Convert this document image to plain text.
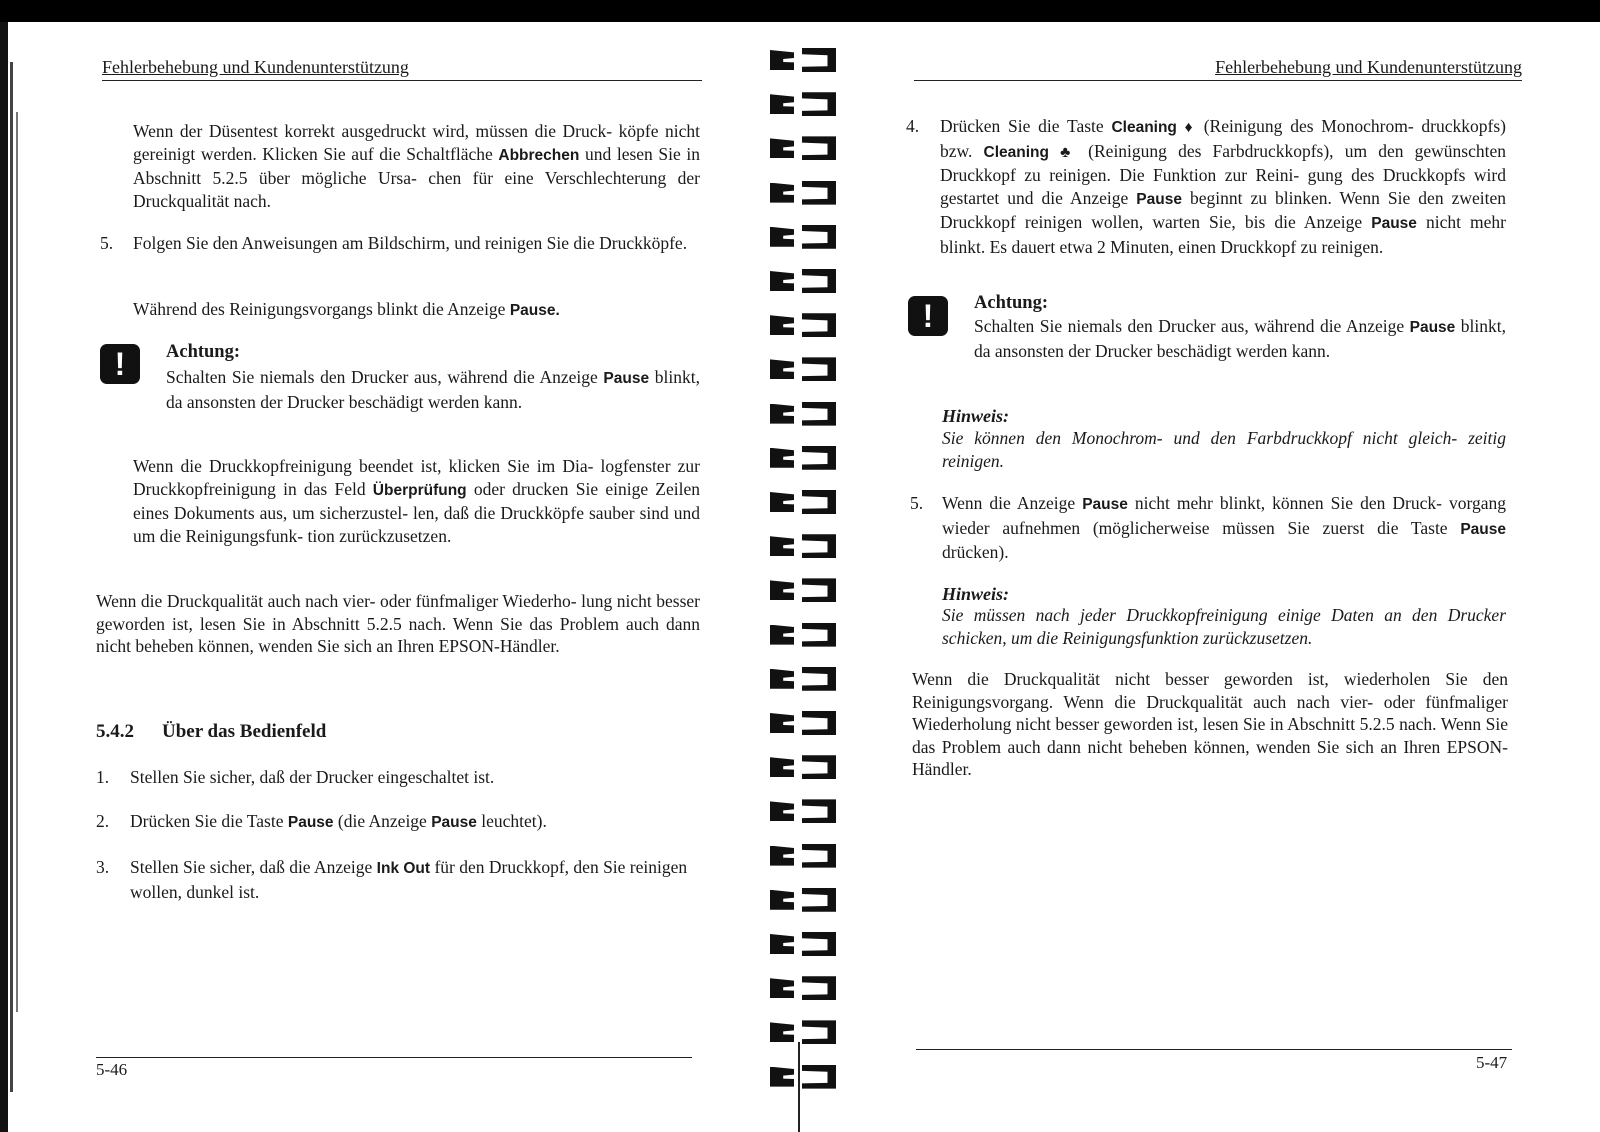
Fehlerbehebung und Kundenunterstützung

Wenn der Düsentest korrekt ausgedruckt wird, müssen die Druck- köpfe nicht gereinigt werden. Klicken Sie auf die Schaltfläche Abbrechen und lesen Sie in Abschnitt 5.2.5 über mögliche Ursa- chen für eine Verschlechterung der Druckqualität nach.

5. Folgen Sie den Anweisungen am Bildschirm, und reinigen Sie die Druckköpfe.

Während des Reinigungsvorgangs blinkt die Anzeige Pause.

!	Achtung:

Schalten Sie niemals den Drucker aus, während die Anzeige Pause blinkt, da ansonsten der Drucker beschädigt werden kann.

Wenn die Druckkopfreinigung beendet ist, klicken Sie im Dia- logfenster zur Druckkopfreinigung in das Feld Überprüfung oder drucken Sie einige Zeilen eines Dokuments aus, um sicherzustel- len, daß die Druckköpfe sauber sind und um die Reinigungsfunk- tion zurückzusetzen.

Wenn die Druckqualität auch nach vier- oder fünfmaliger Wiederho- lung nicht besser geworden ist, lesen Sie in Abschnitt 5.2.5 nach. Wenn Sie das Problem auch dann nicht beheben können, wenden Sie sich an Ihren EPSON-Händler.

5.4.2 Über das Bedienfeld
1. Stellen Sie sicher, daß der Drucker eingeschaltet ist.

2. Drücken Sie die Taste Pause (die Anzeige Pause leuchtet).

3. Stellen Sie sicher, daß die Anzeige Ink Out für den Druckkopf, den Sie reinigen wollen, dunkel ist.

5-46
Fehlerbehebung und Kundenunterstützung
4. Drücken Sie die Taste Cleaning ♦ (Reinigung des Monochrom- druckkopfs) bzw. Cleaning ♣ (Reinigung des Farbdruckkopfs), um den gewünschten Druckkopf zu reinigen. Die Funktion zur Reini- gung des Druckkopfs wird gestartet und die Anzeige Pause beginnt zu blinken. Wenn Sie den zweiten Druckkopf reinigen wollen, warten Sie, bis die Anzeige Pause nicht mehr blinkt. Es dauert etwa 2 Minuten, einen Druckkopf zu reinigen.

!	Achtung:

Schalten Sie niemals den Drucker aus, während die Anzeige Pause blinkt, da ansonsten der Drucker beschädigt werden kann.

Hinweis:

Sie können den Monochrom- und den Farbdruckkopf nicht gleich- zeitig reinigen.

5. Wenn die Anzeige Pause nicht mehr blinkt, können Sie den Druck- vorgang wieder aufnehmen (möglicherweise müssen Sie zuerst die Taste Pause drücken).

Hinweis:

Sie müssen nach jeder Druckkopfreinigung einige Daten an den Drucker schicken, um die Reinigungsfunktion zurückzusetzen.

Wenn die Druckqualität nicht besser geworden ist, wiederholen Sie den Reinigungsvorgang. Wenn die Druckqualität auch nach vier- oder fünfmaliger Wiederholung nicht besser geworden ist, lesen Sie in Abschnitt 5.2.5 nach. Wenn Sie das Problem auch dann nicht beheben können, wenden Sie sich an Ihren EPSON-Händler.

5-47
